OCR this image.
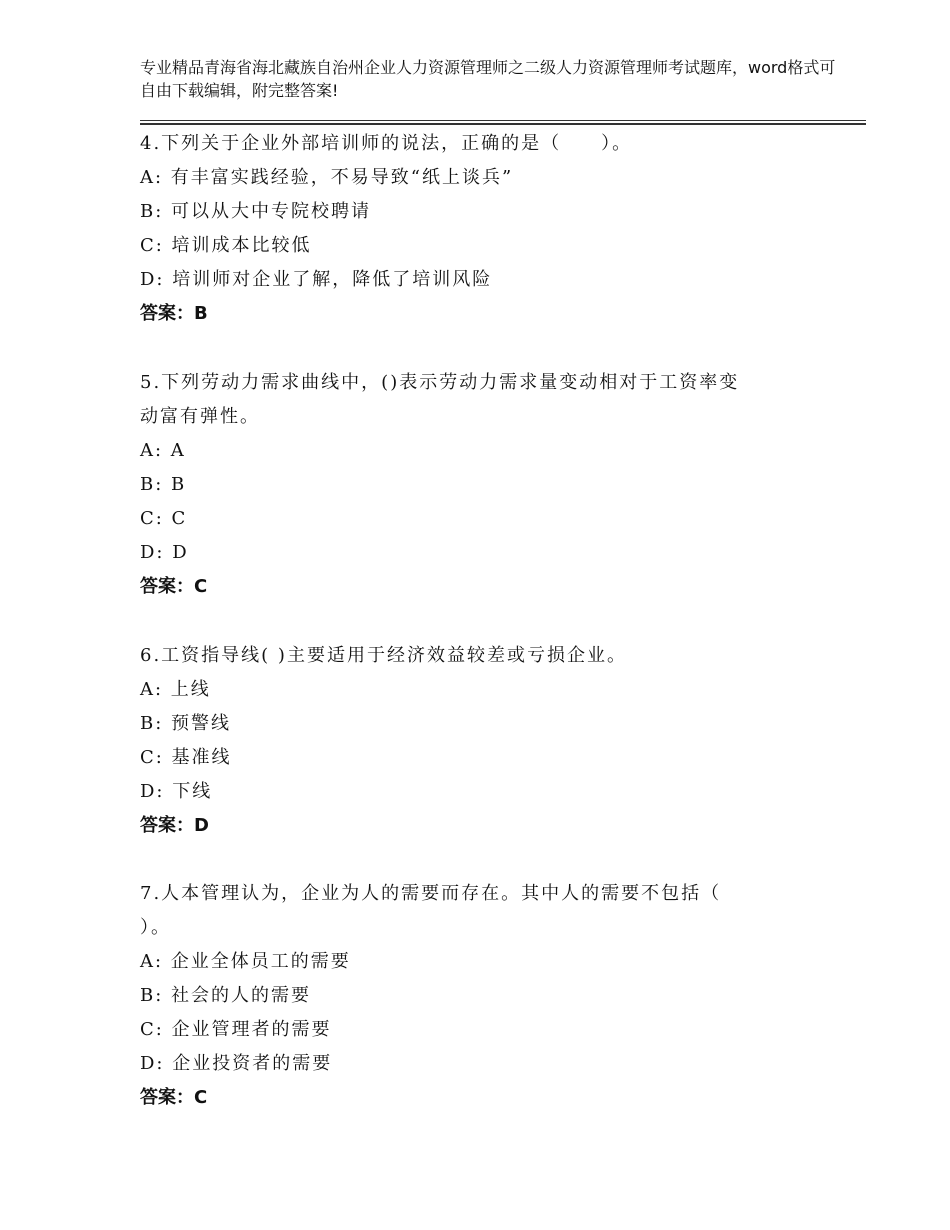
专业精品青海省海北藏族自治州企业人力资源管理师之二级人力资源管理师考试题库，word格式可自由下载编辑，附完整答案!

4.下列关于企业外部培训师的说法，正确的是（　　）。

A: 有丰富实践经验，不易导致“纸上谈兵”

B: 可以从大中专院校聘请

C: 培训成本比较低

D: 培训师对企业了解，降低了培训风险

答案：B

5.下列劳动力需求曲线中，()表示劳动力需求量变动相对于工资率变

动富有弹性。

A: A

B: B

C: C

D: D

答案：C

6.工资指导线( )主要适用于经济效益较差或亏损企业。

A: 上线

B: 预警线

C: 基准线

D: 下线

答案：D

7.人本管理认为，企业为人的需要而存在。其中人的需要不包括（

）。

A: 企业全体员工的需要

B: 社会的人的需要

C: 企业管理者的需要

D: 企业投资者的需要

答案：C
